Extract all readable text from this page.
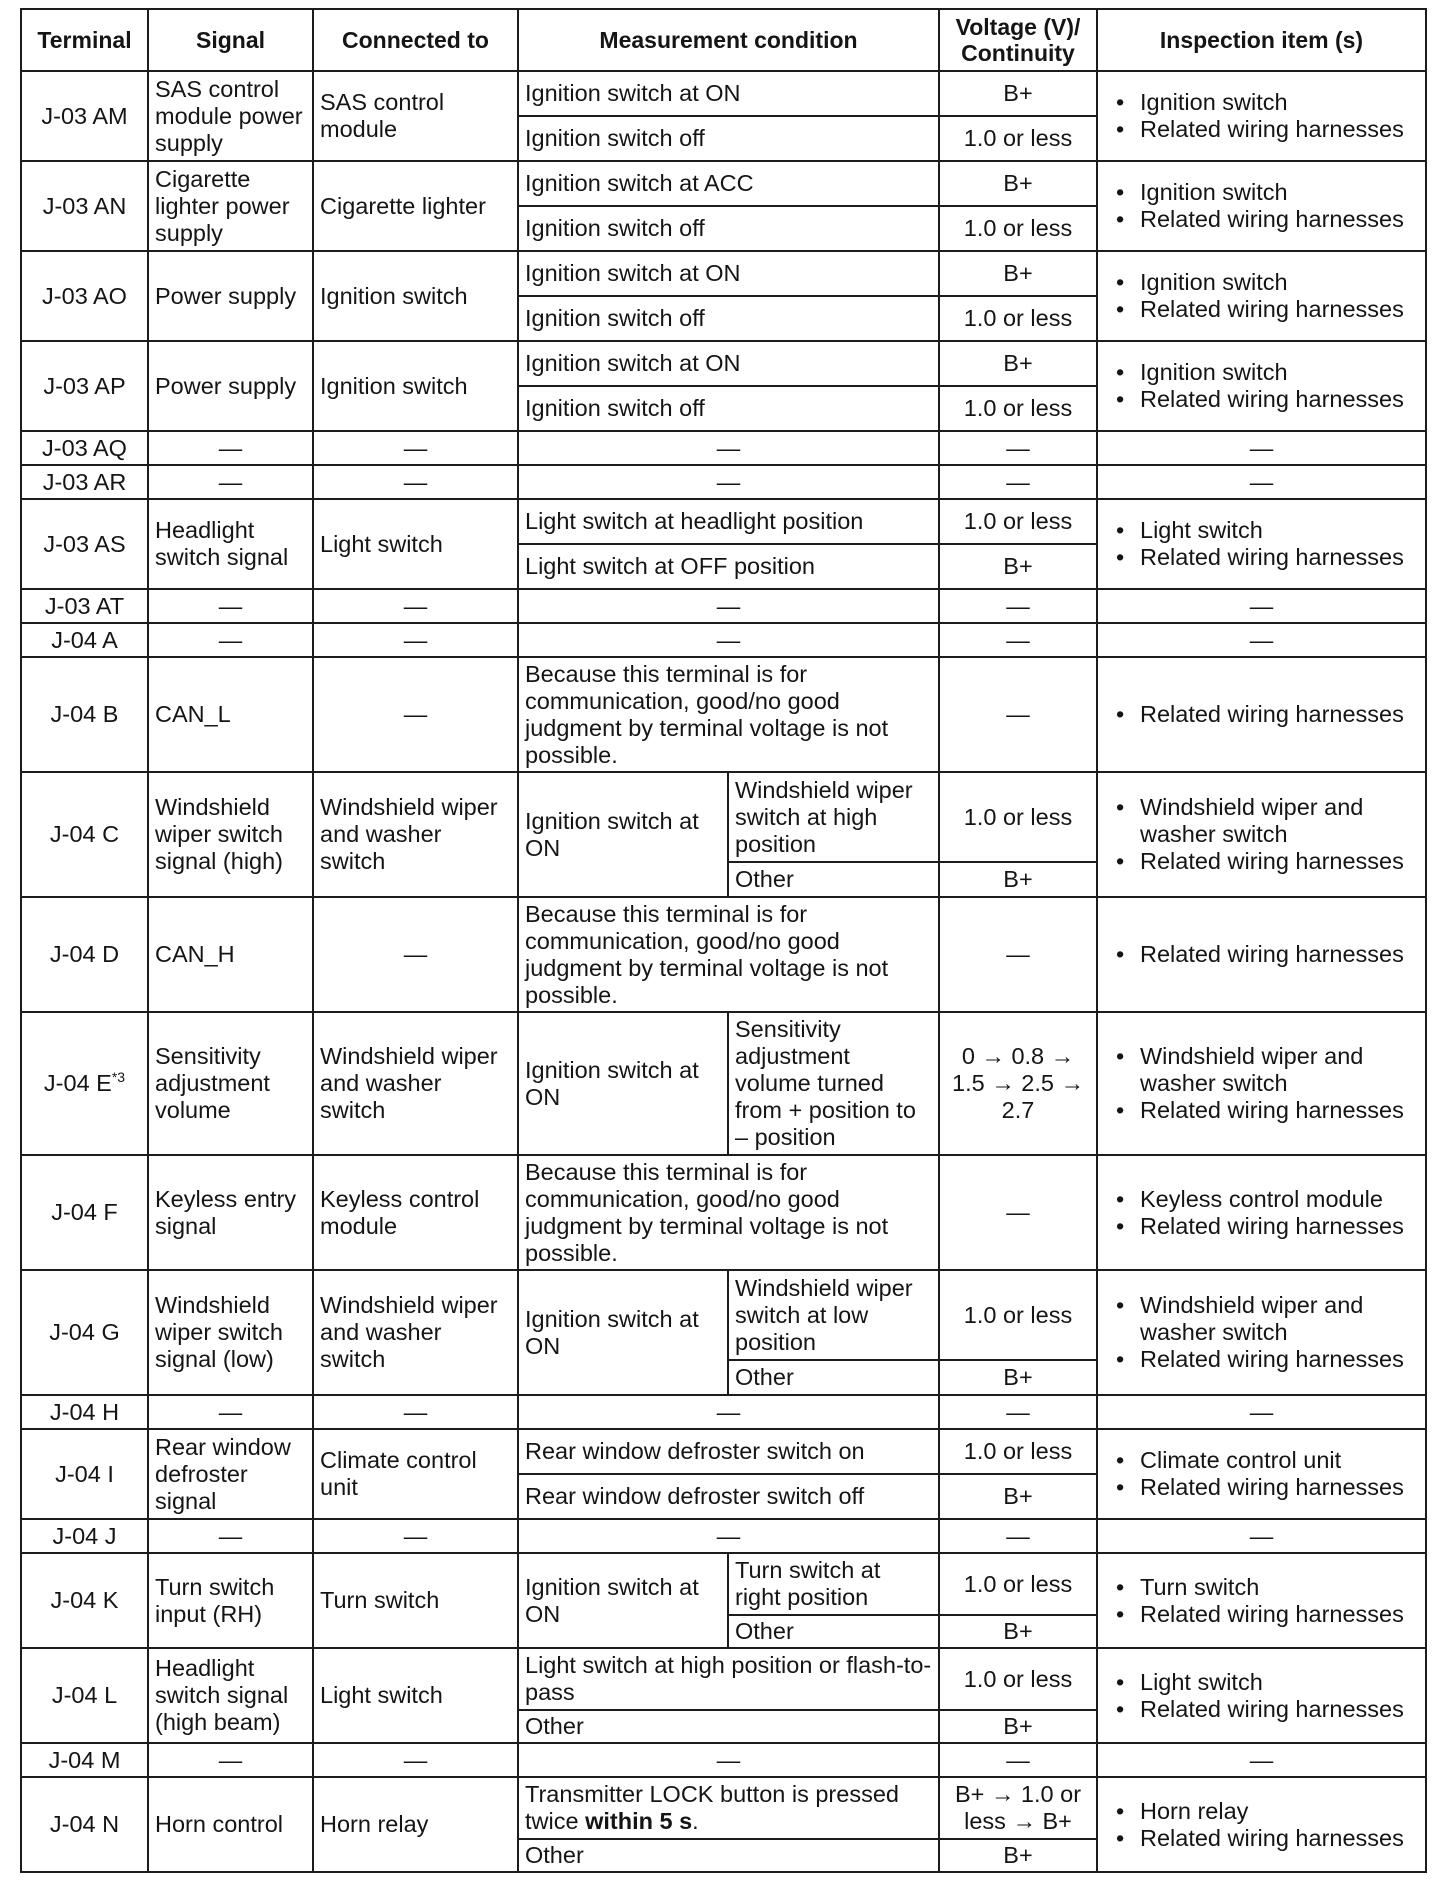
Terminal	Signal	Connected to	Measurement condition		Voltage (V)/
Continuity	Inspection item (s)
J-03 AM	SAS control module power supply	SAS control module	Ignition switch at ON		B+	• Ignition switch
• Related wiring harnesses

			Ignition switch off		1.0 or less	
J-03 AN	Cigarette lighter power supply	Cigarette lighter	Ignition switch at ACC		B+	• Ignition switch
• Related wiring harnesses

			Ignition switch off		1.0 or less	
J-03 AO	Power supply	Ignition switch	Ignition switch at ON		B+	• Ignition switch
• Related wiring harnesses

			Ignition switch off		1.0 or less	
J-03 AP	Power supply	Ignition switch	Ignition switch at ON		B+	• Ignition switch
• Related wiring harnesses

			Ignition switch off		1.0 or less	
J-03 AQ	—	—	—		—	—
J-03 AR	—	—	—		—	—
J-03 AS	Headlight switch signal	Light switch	Light switch at headlight position		1.0 or less	• Light switch
• Related wiring harnesses

			Light switch at OFF position		B+	
J-03 AT	—	—	—		—	—
J-04 A	—	—	—		—	—
J-04 B	CAN_L	—	Because this terminal is for communication, good/no good judgment by terminal voltage is not possible.		—	• Related wiring harnesses

J-04 C	Windshield wiper switch signal (high)	Windshield wiper and washer switch	Ignition switch at ON	Windshield wiper switch at high position	1.0 or less	• Windshield wiper and washer switch
• Related wiring harnesses

				Other	B+	
J-04 D	CAN_H	—	Because this terminal is for communication, good/no good judgment by terminal voltage is not possible.		—	• Related wiring harnesses

J-04 $E^{*3}$	Sensitivity adjustment volume	Windshield wiper and washer switch	Ignition switch at ON	Sensitivity adjustment volume turned from + position to – position	0 → 0.8 → 1.5 → 2.5 → 2.7	• Windshield wiper and washer switch
• Related wiring harnesses

J-04 F	Keyless entry signal	Keyless control module	Because this terminal is for communication, good/no good judgment by terminal voltage is not possible.		—	• Keyless control module
• Related wiring harnesses

J-04 G	Windshield wiper switch signal (low)	Windshield wiper and washer switch	Ignition switch at ON	Windshield wiper switch at low position	1.0 or less	• Windshield wiper and washer switch
• Related wiring harnesses

				Other	B+	
J-04 H	—	—	—		—	—
J-04 I	Rear window defroster signal	Climate control unit	Rear window defroster switch on		1.0 or less	• Climate control unit
• Related wiring harnesses

			Rear window defroster switch off		B+	
J-04 J	—	—	—		—	—
J-04 K	Turn switch input (RH)	Turn switch	Ignition switch at ON	Turn switch at right position	1.0 or less	• Turn switch
• Related wiring harnesses

				Other	B+	
J-04 L	Headlight switch signal (high beam)	Light switch	Light switch at high position or flash-to-pass		1.0 or less	• Light switch
• Related wiring harnesses

			Other		B+	
J-04 M	—	—	—		—	—
J-04 N	Horn control	Horn relay	Transmitter LOCK button is pressed twice within 5 s.		B+ → 1.0 or less → B+	• Horn relay
• Related wiring harnesses

			Other		B+	
